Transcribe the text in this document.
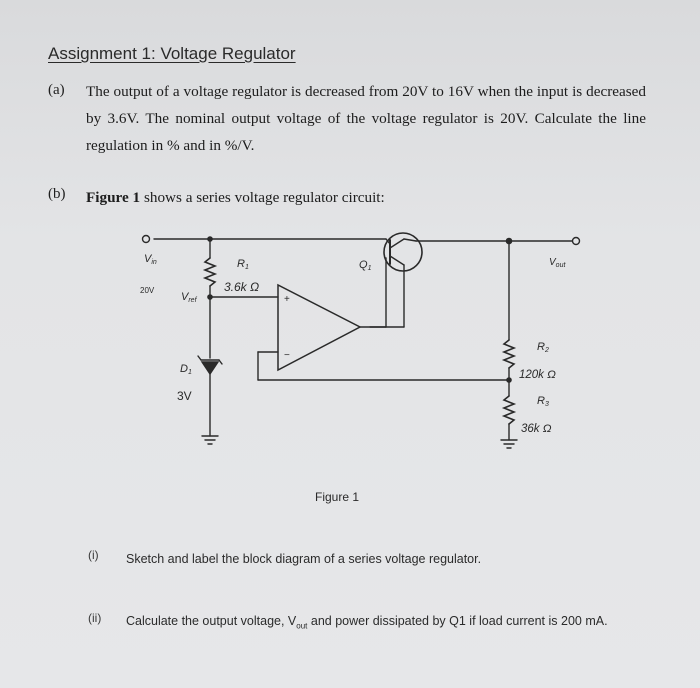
Assignment 1: Voltage Regulator
(a) The output of a voltage regulator is decreased from 20V to 16V when the input is decreased by 3.6V. The nominal output voltage of the voltage regulator is 20V. Calculate the line regulation in % and in %/V.
(b) Figure 1 shows a series voltage regulator circuit:
Vin
20V
R1
3.6k Ω
Vref
D1
3V
Q1
$V_{out}$
R2
120k Ω
R3
36k Ω
+
−
Figure 1
(i) Sketch and label the block diagram of a series voltage regulator.
(ii) Calculate the output voltage, $V_{out}$ and power dissipated by Q1 if load current is 200 mA.
